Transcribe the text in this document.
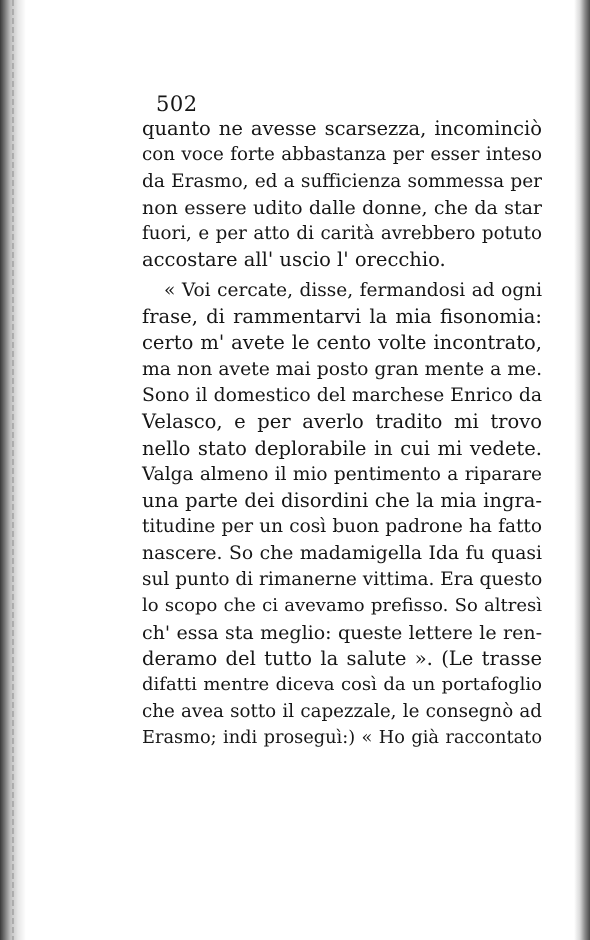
502
quanto ne avesse scarsezza, incominciò
con voce forte abbastanza per esser inteso
da Erasmo, ed a sufficienza sommessa per
non essere udito dalle donne, che da star
fuori, e per atto di carità avrebbero potuto
accostare all' uscio l' orecchio.
« Voi cercate, disse, fermandosi ad ogni
frase, di rammentarvi la mia fisonomia:
certo m' avete le cento volte incontrato,
ma non avete mai posto gran mente a me.
Sono il domestico del marchese Enrico da
Velasco, e per averlo tradito mi trovo
nello stato deplorabile in cui mi vedete.
Valga almeno il mio pentimento a riparare
una parte dei disordini che la mia ingra-
titudine per un così buon padrone ha fatto
nascere. So che madamigella Ida fu quasi
sul punto di rimanerne vittima. Era questo
lo scopo che ci avevamo prefisso. So altresì
ch' essa sta meglio: queste lettere le ren-
deramo del tutto la salute ». (Le trasse
difatti mentre diceva così da un portafoglio
che avea sotto il capezzale, le consegnò ad
Erasmo; indi proseguì:) « Ho già raccontato
